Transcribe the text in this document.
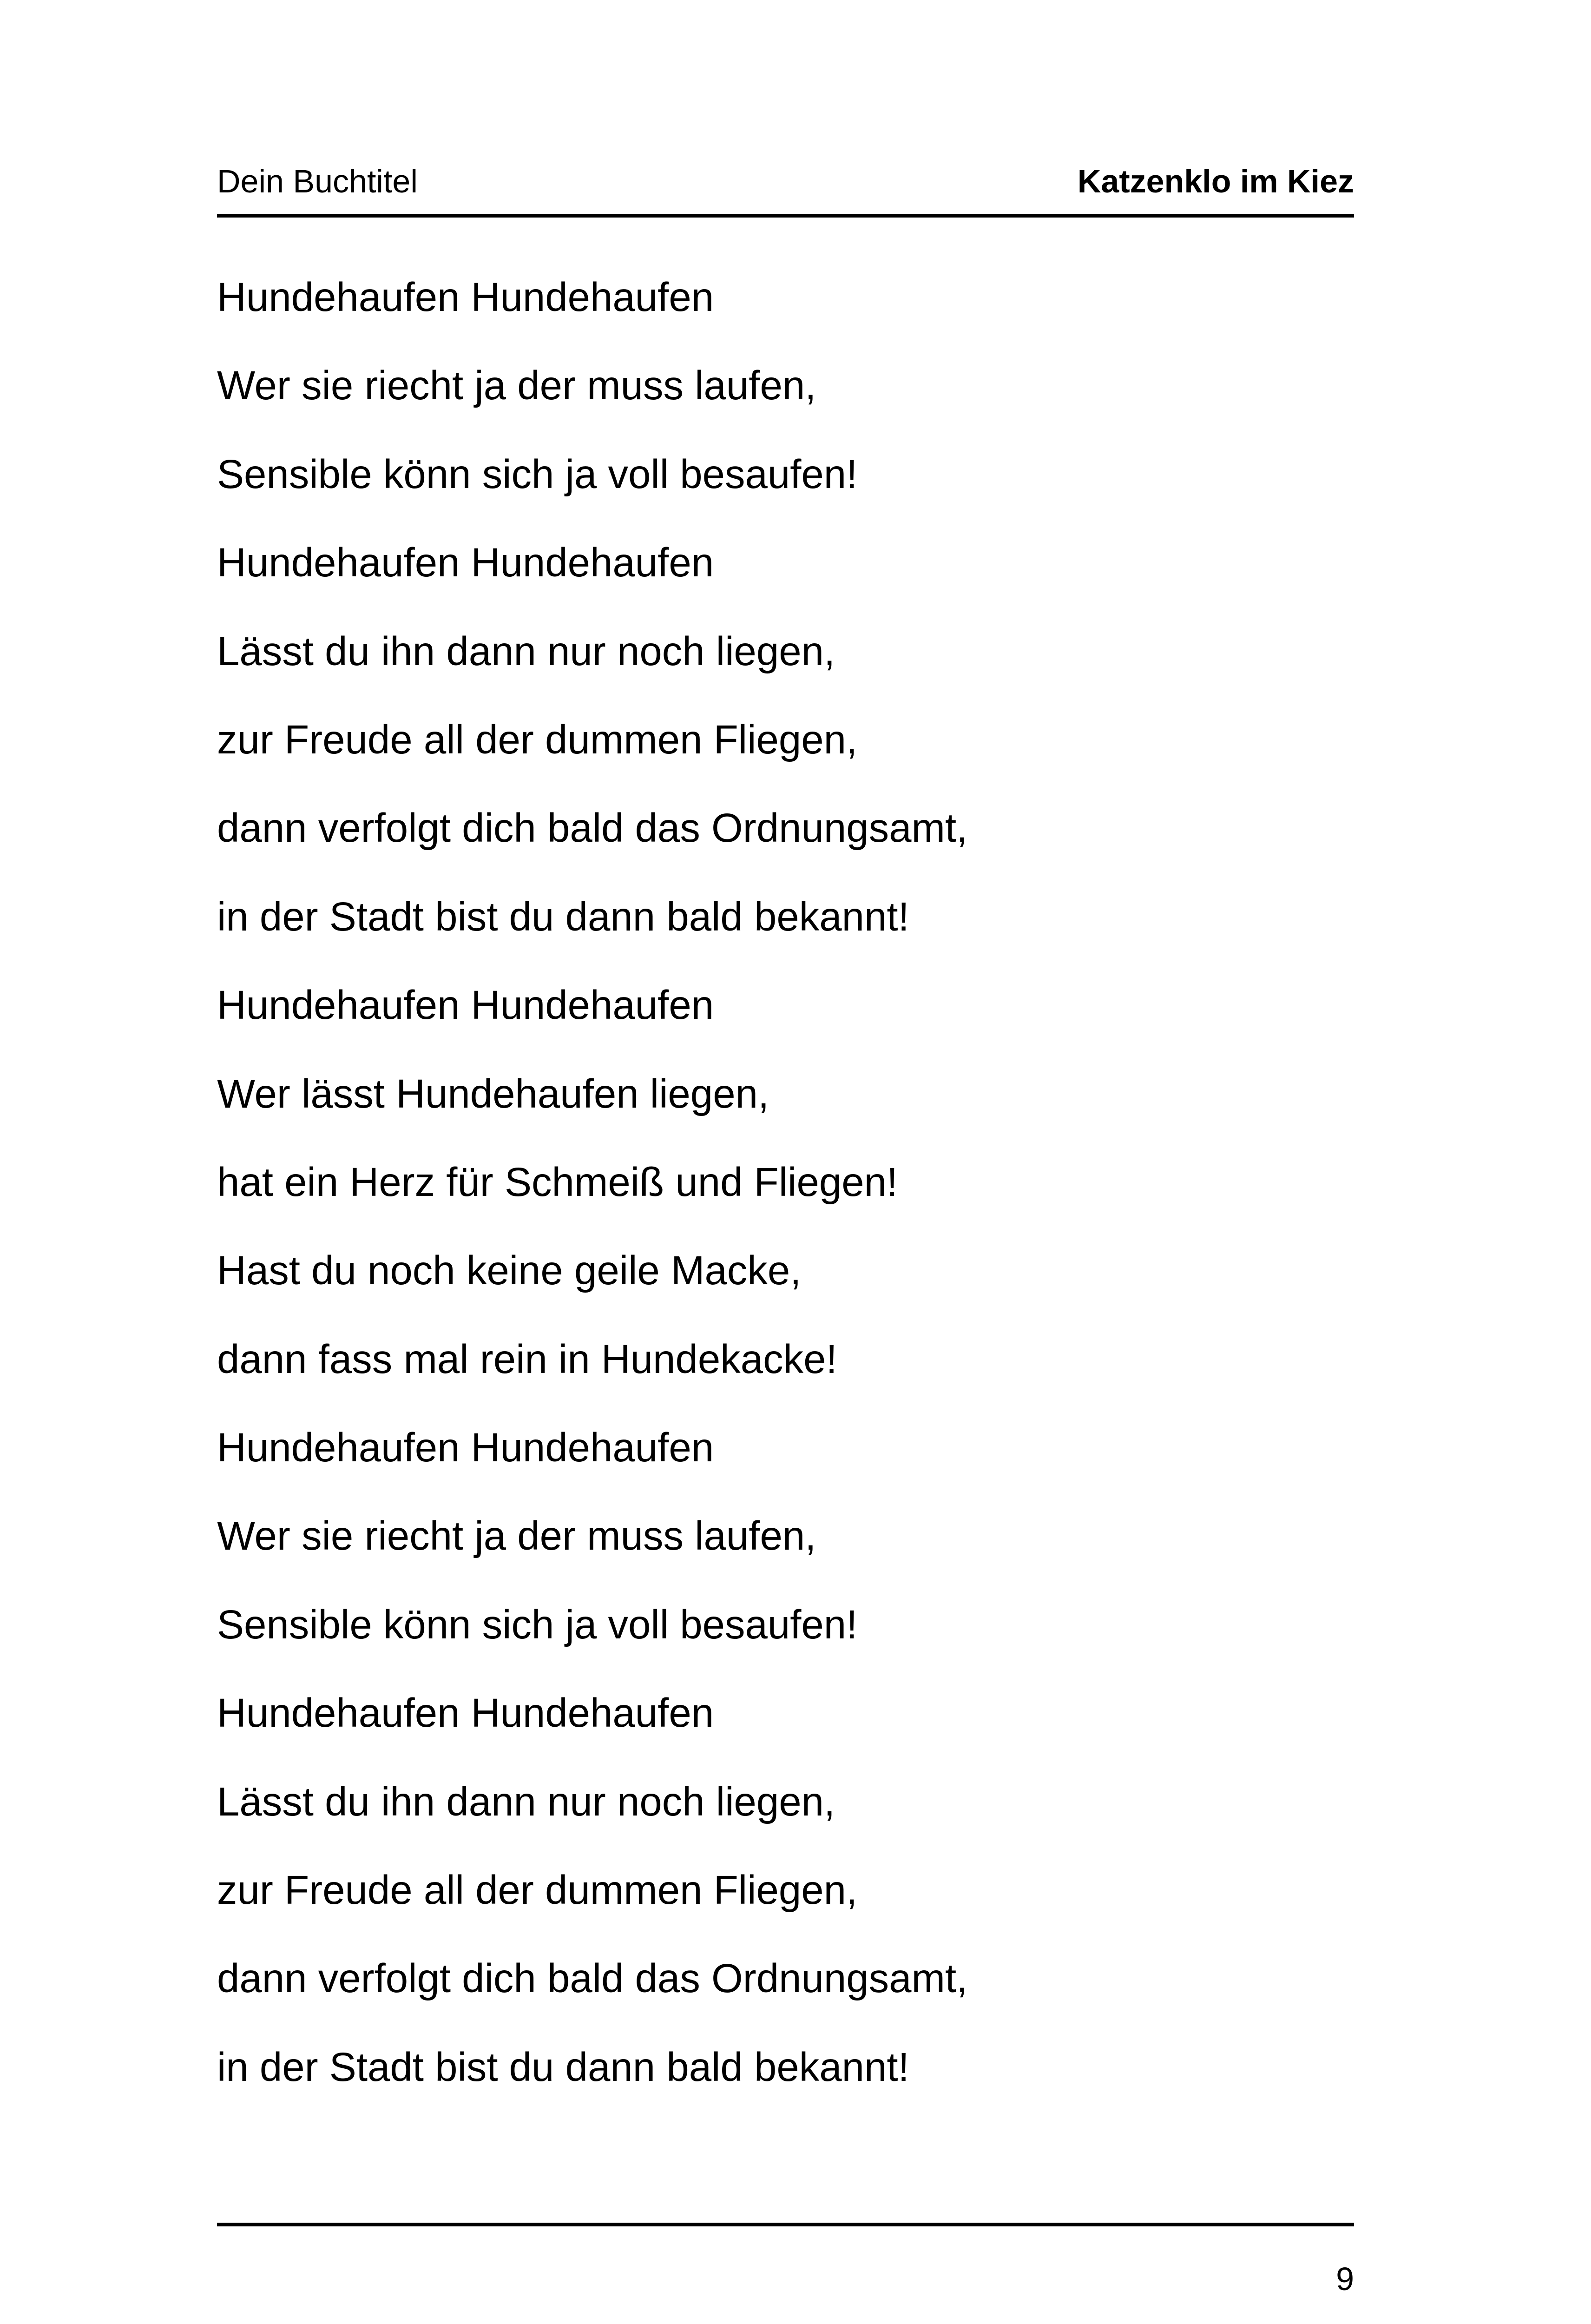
Dein Buchtitel	Katzenklo im Kiez
Hundehaufen Hundehaufen
Wer sie riecht ja der muss laufen,
Sensible könn sich ja voll besaufen!
Hundehaufen Hundehaufen
Lässt du ihn dann nur noch liegen,
zur Freude all der dummen Fliegen,
dann verfolgt dich bald das Ordnungsamt,
in der Stadt bist du dann bald bekannt!
Hundehaufen Hundehaufen
Wer lässt Hundehaufen liegen,
hat ein Herz für Schmeiß und Fliegen!
Hast du noch keine geile Macke,
dann fass mal rein in Hundekacke!
Hundehaufen Hundehaufen
Wer sie riecht ja der muss laufen,
Sensible könn sich ja voll besaufen!
Hundehaufen Hundehaufen
Lässt du ihn dann nur noch liegen,
zur Freude all der dummen Fliegen,
dann verfolgt dich bald das Ordnungsamt,
in der Stadt bist du dann bald bekannt!
9
